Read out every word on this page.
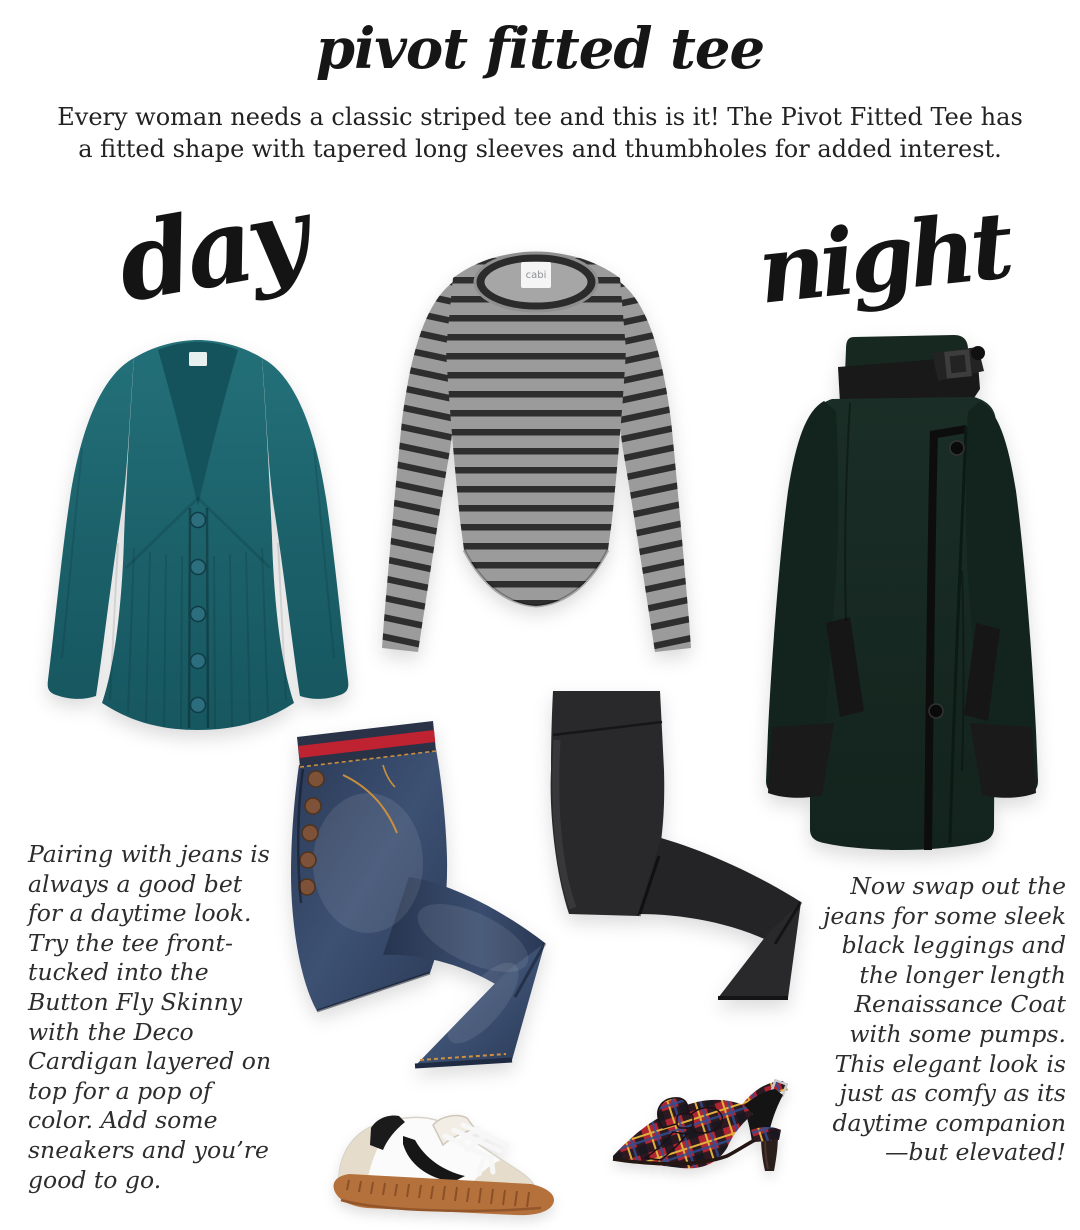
pivot fitted tee
Every woman needs a classic striped tee and this is it! The Pivot Fitted Tee has a fitted shape with tapered long sleeves and thumbholes for added interest.
day	night
cabi
Pairing with jeans is always a good bet for a daytime look. Try the tee front-tucked into the Button Fly Skinny with the Deco Cardigan layered on top for a pop of color. Add some sneakers and you’re good to go.
Now swap out the jeans for some sleek black leggings and the longer length Renaissance Coat with some pumps. This elegant look is just as comfy as its daytime companion—but elevated!
